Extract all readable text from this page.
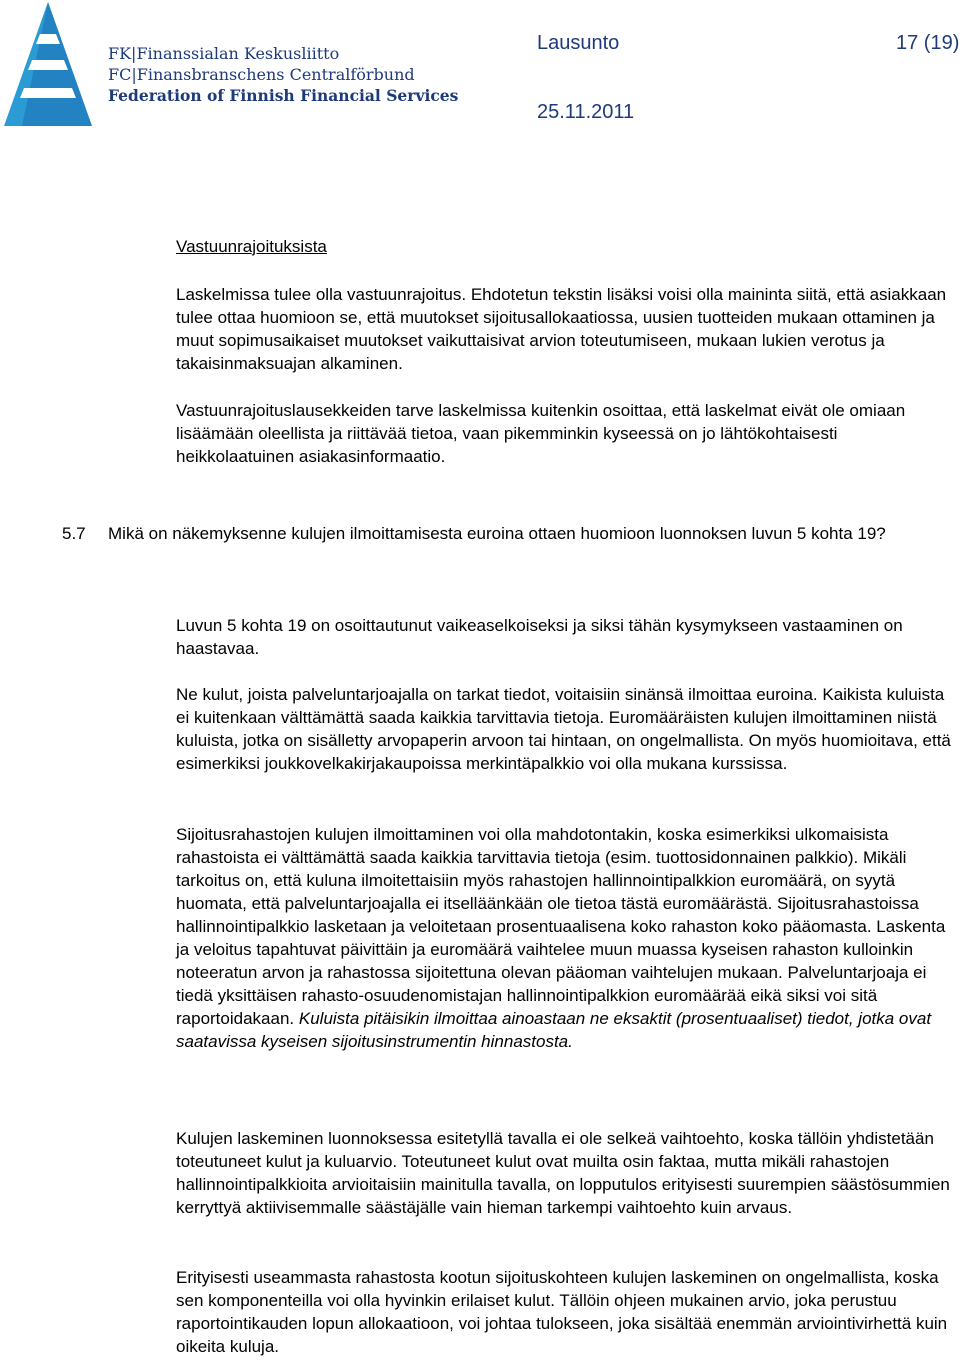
FK|Finanssialan Keskusliitto
FC|Finansbranschens Centralförbund
Federation of Finnish Financial Services
Lausunto	17 (19)
25.11.2011

Vastuunrajoituksista

Laskelmissa tulee olla vastuunrajoitus. Ehdotetun tekstin lisäksi voisi olla maininta siitä, että asiakkaan tulee ottaa huomioon se, että muutokset sijoitusallokaatiossa, uusien tuotteiden mukaan ottaminen ja muut sopimusaikaiset muutokset vaikuttaisivat arvion toteutumiseen, mukaan lukien verotus ja takaisinmaksuajan alkaminen.

Vastuunrajoituslausekkeiden tarve laskelmissa kuitenkin osoittaa, että laskelmat eivät ole omiaan lisäämään oleellista ja riittävää tietoa, vaan pikemminkin kyseessä on jo lähtökohtaisesti heikkolaatuinen asiakasinformaatio.

5.7 Mikä on näkemyksenne kulujen ilmoittamisesta euroina ottaen huomioon luonnoksen luvun 5 kohta 19?

Luvun 5 kohta 19 on osoittautunut vaikeaselkoiseksi ja siksi tähän kysymykseen vastaaminen on haastavaa.

Ne kulut, joista palveluntarjoajalla on tarkat tiedot, voitaisiin sinänsä ilmoittaa euroina. Kaikista kuluista ei kuitenkaan välttämättä saada kaikkia tarvittavia tietoja. Euromääräisten kulujen ilmoittaminen niistä kuluista, jotka on sisälletty arvopaperin arvoon tai hintaan, on ongelmallista. On myös huomioitava, että esimerkiksi joukkovelkakirjakaupoissa merkintäpalkkio voi olla mukana kurssissa.

Sijoitusrahastojen kulujen ilmoittaminen voi olla mahdotontakin, koska esimerkiksi ulkomaisista rahastoista ei välttämättä saada kaikkia tarvittavia tietoja (esim. tuottosidonnainen palkkio). Mikäli tarkoitus on, että kuluna ilmoitettaisiin myös rahastojen hallinnointipalkkion euromäärä, on syytä huomata, että palveluntarjoajalla ei itselläänkään ole tietoa tästä euromäärästä. Sijoitusrahastoissa hallinnointipalkkio lasketaan ja veloitetaan prosentuaalisena koko rahaston koko pääomasta. Laskenta ja veloitus tapahtuvat päivittäin ja euromäärä vaihtelee muun muassa kyseisen rahaston kulloinkin noteeratun arvon ja rahastossa sijoitettuna olevan pääoman vaihtelujen mukaan. Palveluntarjoaja ei tiedä yksittäisen rahasto-osuudenomistajan hallinnointipalkkion euromäärää eikä siksi voi sitä raportoidakaan. Kuluista pitäisikin ilmoittaa ainoastaan ne eksaktit (prosentuaaliset) tiedot, jotka ovat saatavissa kyseisen sijoitusinstrumentin hinnastosta.

Kulujen laskeminen luonnoksessa esitetyllä tavalla ei ole selkeä vaihtoehto, koska tällöin yhdistetään toteutuneet kulut ja kuluarvio. Toteutuneet kulut ovat muilta osin faktaa, mutta mikäli rahastojen hallinnointipalkkioita arvioitaisiin mainitulla tavalla, on lopputulos erityisesti suurempien säästösummien kerryttyä aktiivisemmalle säästäjälle vain hieman tarkempi vaihtoehto kuin arvaus.

Erityisesti useammasta rahastosta kootun sijoituskohteen kulujen laskeminen on ongelmallista, koska sen komponenteilla voi olla hyvinkin erilaiset kulut. Tällöin ohjeen mukainen arvio, joka perustuu raportointikauden lopun allokaatioon, voi johtaa tulokseen, joka sisältää enemmän arviointivirhettä kuin oikeita kuluja.
